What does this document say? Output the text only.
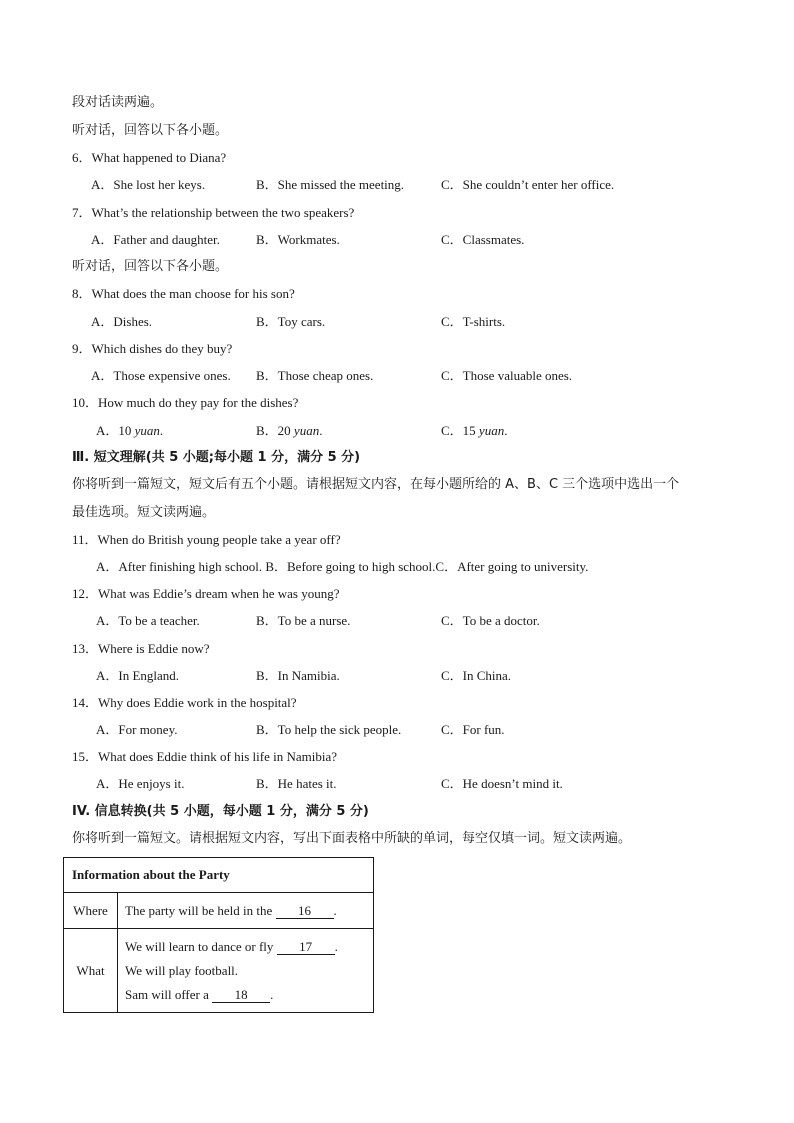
段对话读两遍。
听对话，回答以下各小题。
6．What happened to Diana?
A．She lost her keys.	B．She missed the meeting.	C．She couldn’t enter her office.
7．What’s the relationship between the two speakers?
A．Father and daughter.	B．Workmates.	C．Classmates.
听对话，回答以下各小题。
8．What does the man choose for his son?
A．Dishes.	B．Toy cars.	C．T-shirts.
9．Which dishes do they buy?
A．Those expensive ones. B．Those cheap ones.	C．Those valuable ones.
10．How much do they pay for the dishes?
A．10 yuan.	B．20 yuan.	C．15 yuan.
Ⅲ. 短文理解(共 5 小题;每小题 1 分，满分 5 分)
你将听到一篇短文，短文后有五个小题。请根据短文内容，在每小题所给的 A、B、C 三个选项中选出一个
最佳选项。短文读两遍。
11．When do British young people take a year off?
A．After finishing high school. B．Before going to high school.C．After going to university.
12．What was Eddie’s dream when he was young?
A．To be a teacher.	B．To be a nurse.	C．To be a doctor.
13．Where is Eddie now?
A．In England.	B．In Namibia.	C．In China.
14．Why does Eddie work in the hospital?
A．For money.	B．To help the sick people.	C．For fun.
15．What does Eddie think of his life in Namibia?
A．He enjoys it.	B．He hates it.	C．He doesn’t mind it.
IV. 信息转换(共 5 小题，每小题 1 分，满分 5 分)
你将听到一篇短文。请根据短文内容，写出下面表格中所缺的单词，每空仅填一词。短文读两遍。
Information about the Party	
Where	The party will be held in the 16 .
What	We will learn to dance or fly 17 .
We will play football.
Sam will offer a 18 .
